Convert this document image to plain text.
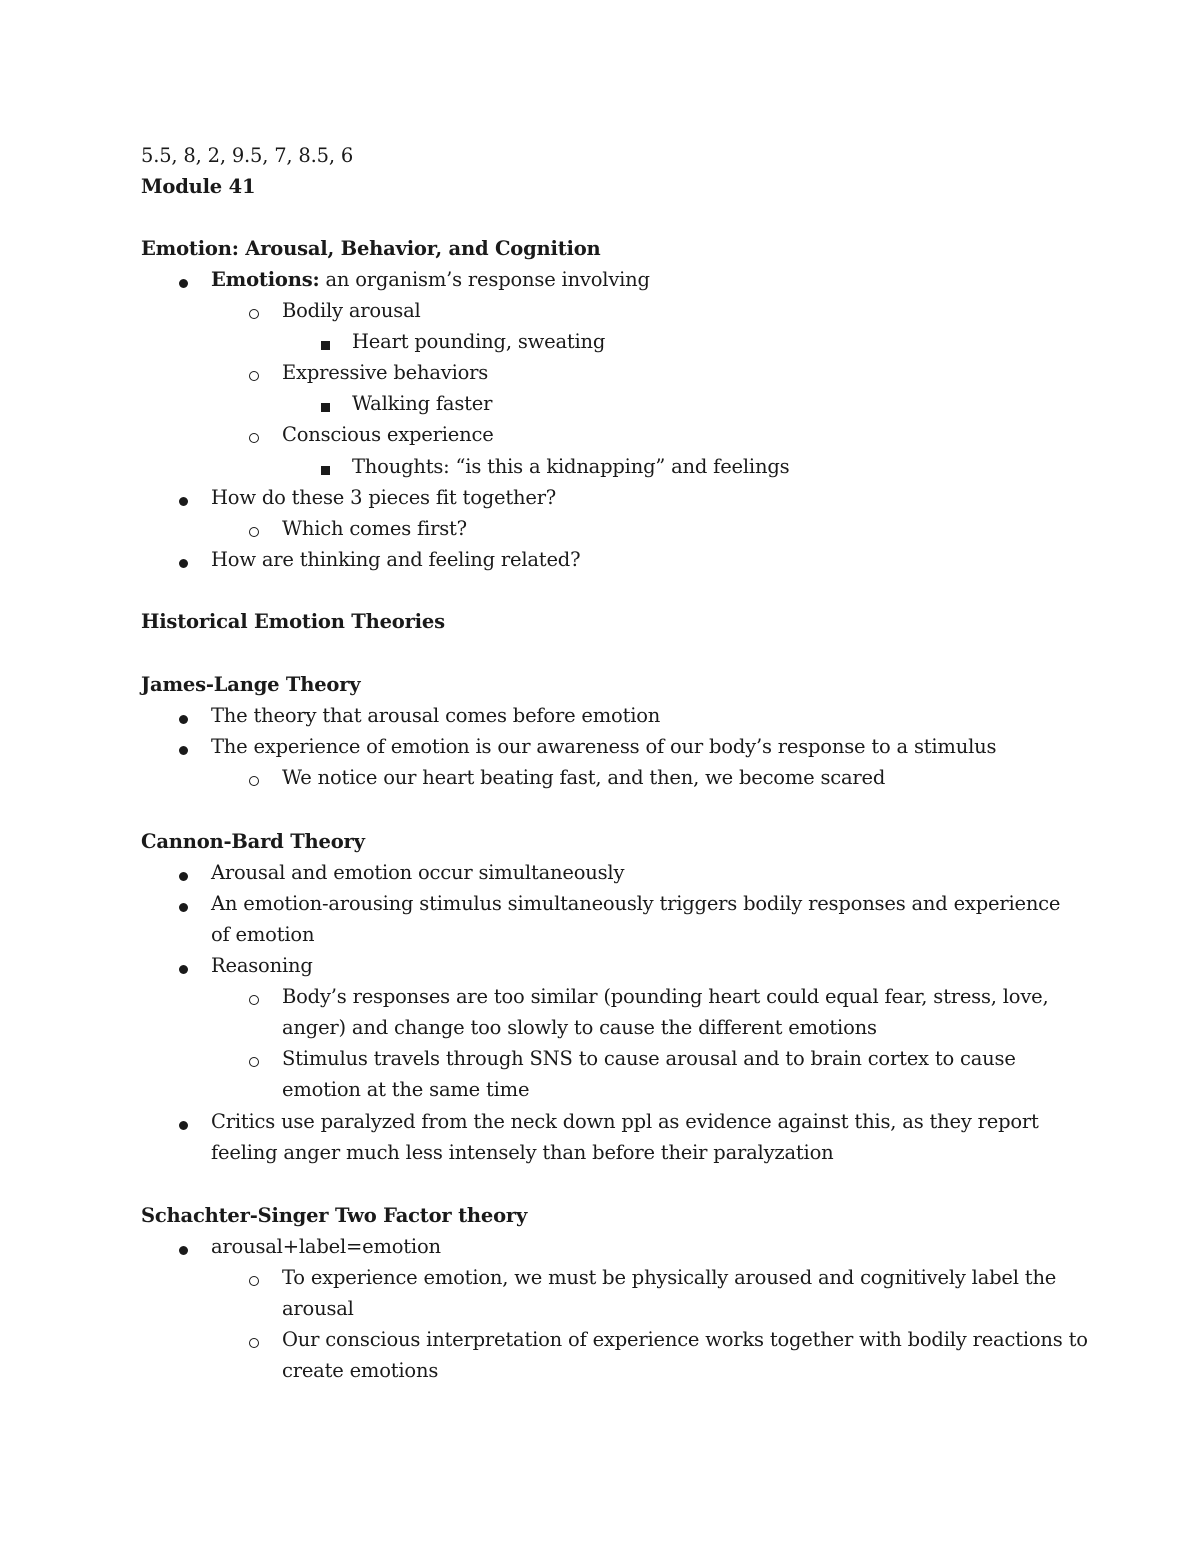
5.5, 8, 2, 9.5, 7, 8.5, 6
Module 41
Emotion: Arousal, Behavior, and Cognition
Emotions: an organism’s response involving
Bodily arousal
Heart pounding, sweating
Expressive behaviors
Walking faster
Conscious experience
Thoughts: “is this a kidnapping” and feelings
How do these 3 pieces fit together?
Which comes first?
How are thinking and feeling related?
Historical Emotion Theories
James-Lange Theory
The theory that arousal comes before emotion
The experience of emotion is our awareness of our body’s response to a stimulus
We notice our heart beating fast, and then, we become scared
Cannon-Bard Theory
Arousal and emotion occur simultaneously
An emotion-arousing stimulus simultaneously triggers bodily responses and experience
of emotion
Reasoning
Body’s responses are too similar (pounding heart could equal fear, stress, love,
anger) and change too slowly to cause the different emotions
Stimulus travels through SNS to cause arousal and to brain cortex to cause
emotion at the same time
Critics use paralyzed from the neck down ppl as evidence against this, as they report
feeling anger much less intensely than before their paralyzation
Schachter-Singer Two Factor theory
arousal+label=emotion
To experience emotion, we must be physically aroused and cognitively label the
arousal
Our conscious interpretation of experience works together with bodily reactions to
create emotions
